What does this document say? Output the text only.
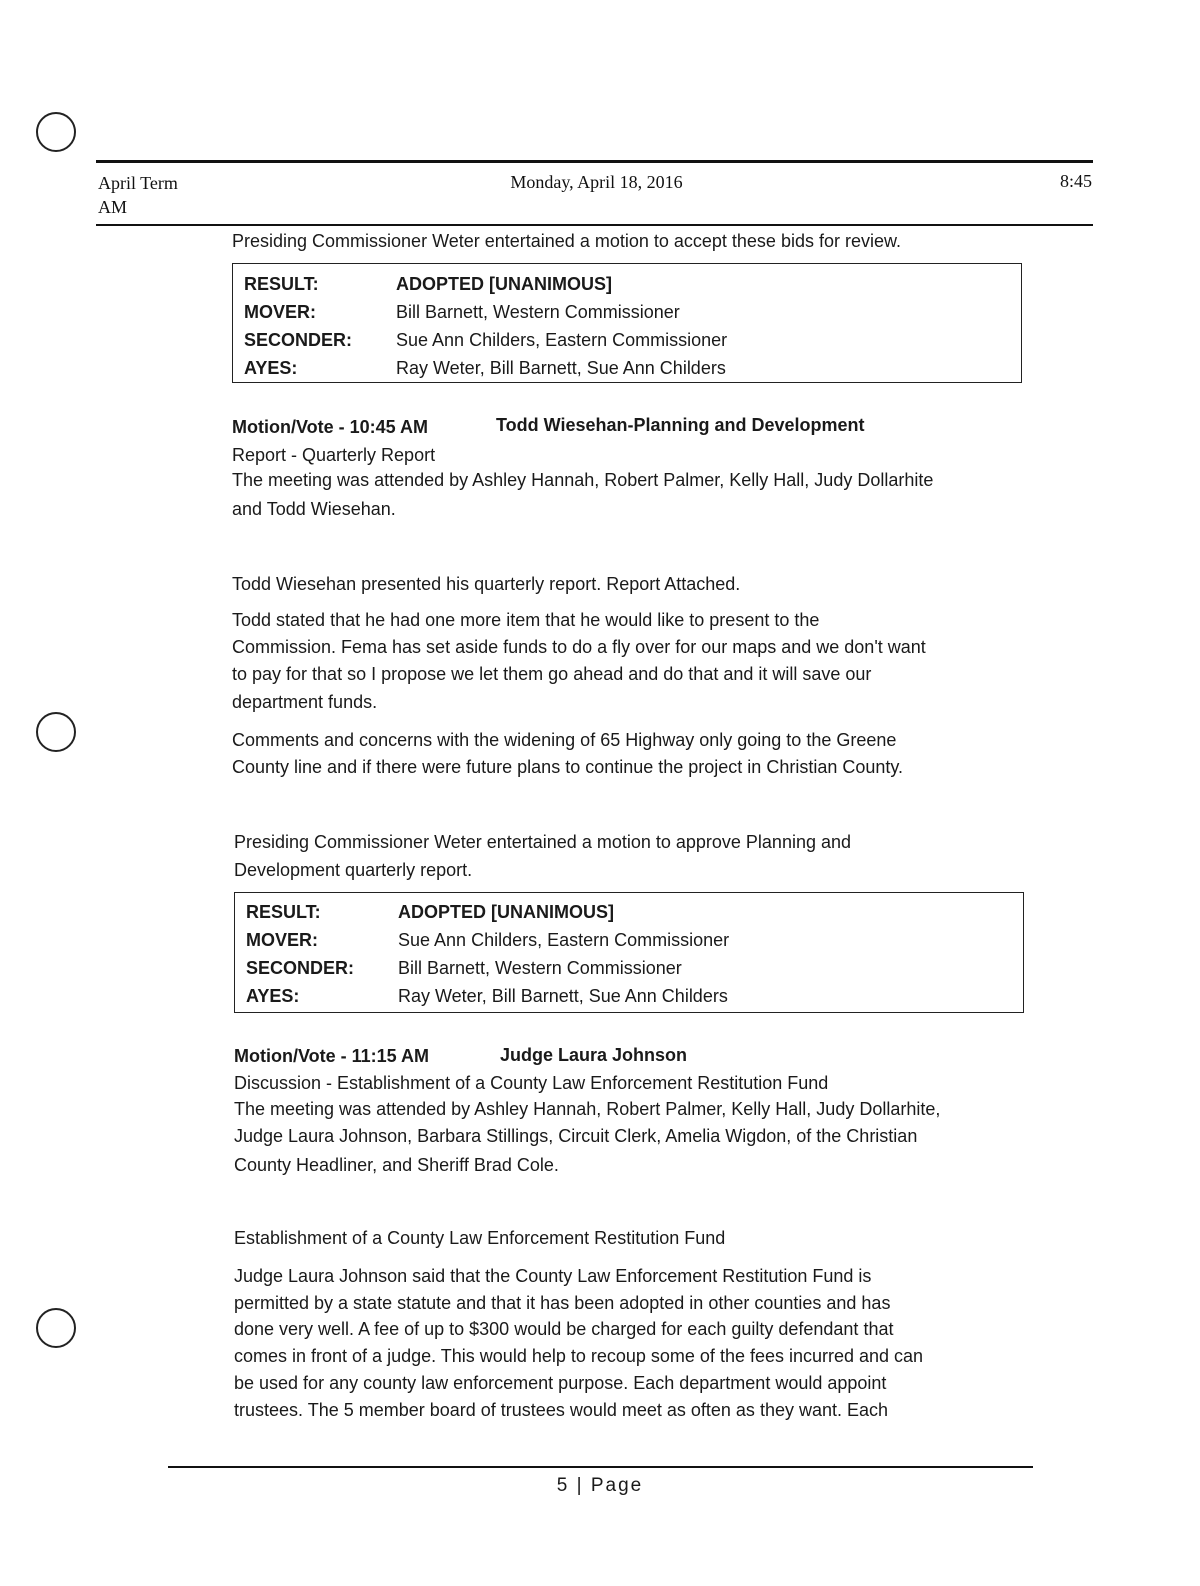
April Term
AM
Monday, April 18, 2016	8:45
Presiding Commissioner Weter entertained a motion to accept these bids for review.
RESULT:	ADOPTED [UNANIMOUS]
MOVER:	Bill Barnett, Western Commissioner
SECONDER: Sue Ann Childers, Eastern Commissioner
AYES:	Ray Weter, Bill Barnett, Sue Ann Childers
Motion/Vote - 10:45 AM	Todd Wiesehan-Planning and Development
Report - Quarterly Report
The meeting was attended by Ashley Hannah, Robert Palmer, Kelly Hall, Judy Dollarhite
and Todd Wiesehan.
Todd Wiesehan presented his quarterly report. Report Attached.
Todd stated that he had one more item that he would like to present to the
Commission. Fema has set aside funds to do a fly over for our maps and we don't want
to pay for that so I propose we let them go ahead and do that and it will save our
department funds.
Comments and concerns with the widening of 65 Highway only going to the Greene
County line and if there were future plans to continue the project in Christian County.
Presiding Commissioner Weter entertained a motion to approve Planning and
Development quarterly report.
RESULT:	ADOPTED [UNANIMOUS]
MOVER:	Sue Ann Childers, Eastern Commissioner
SECONDER: Bill Barnett, Western Commissioner
AYES:	Ray Weter, Bill Barnett, Sue Ann Childers
Motion/Vote - 11:15 AM	Judge Laura Johnson
Discussion - Establishment of a County Law Enforcement Restitution Fund
The meeting was attended by Ashley Hannah, Robert Palmer, Kelly Hall, Judy Dollarhite,
Judge Laura Johnson, Barbara Stillings, Circuit Clerk, Amelia Wigdon, of the Christian
County Headliner, and Sheriff Brad Cole.
Establishment of a County Law Enforcement Restitution Fund
Judge Laura Johnson said that the County Law Enforcement Restitution Fund is
permitted by a state statute and that it has been adopted in other counties and has
done very well. A fee of up to $300 would be charged for each guilty defendant that
comes in front of a judge. This would help to recoup some of the fees incurred and can
be used for any county law enforcement purpose. Each department would appoint
trustees. The 5 member board of trustees would meet as often as they want. Each
5 | Page
